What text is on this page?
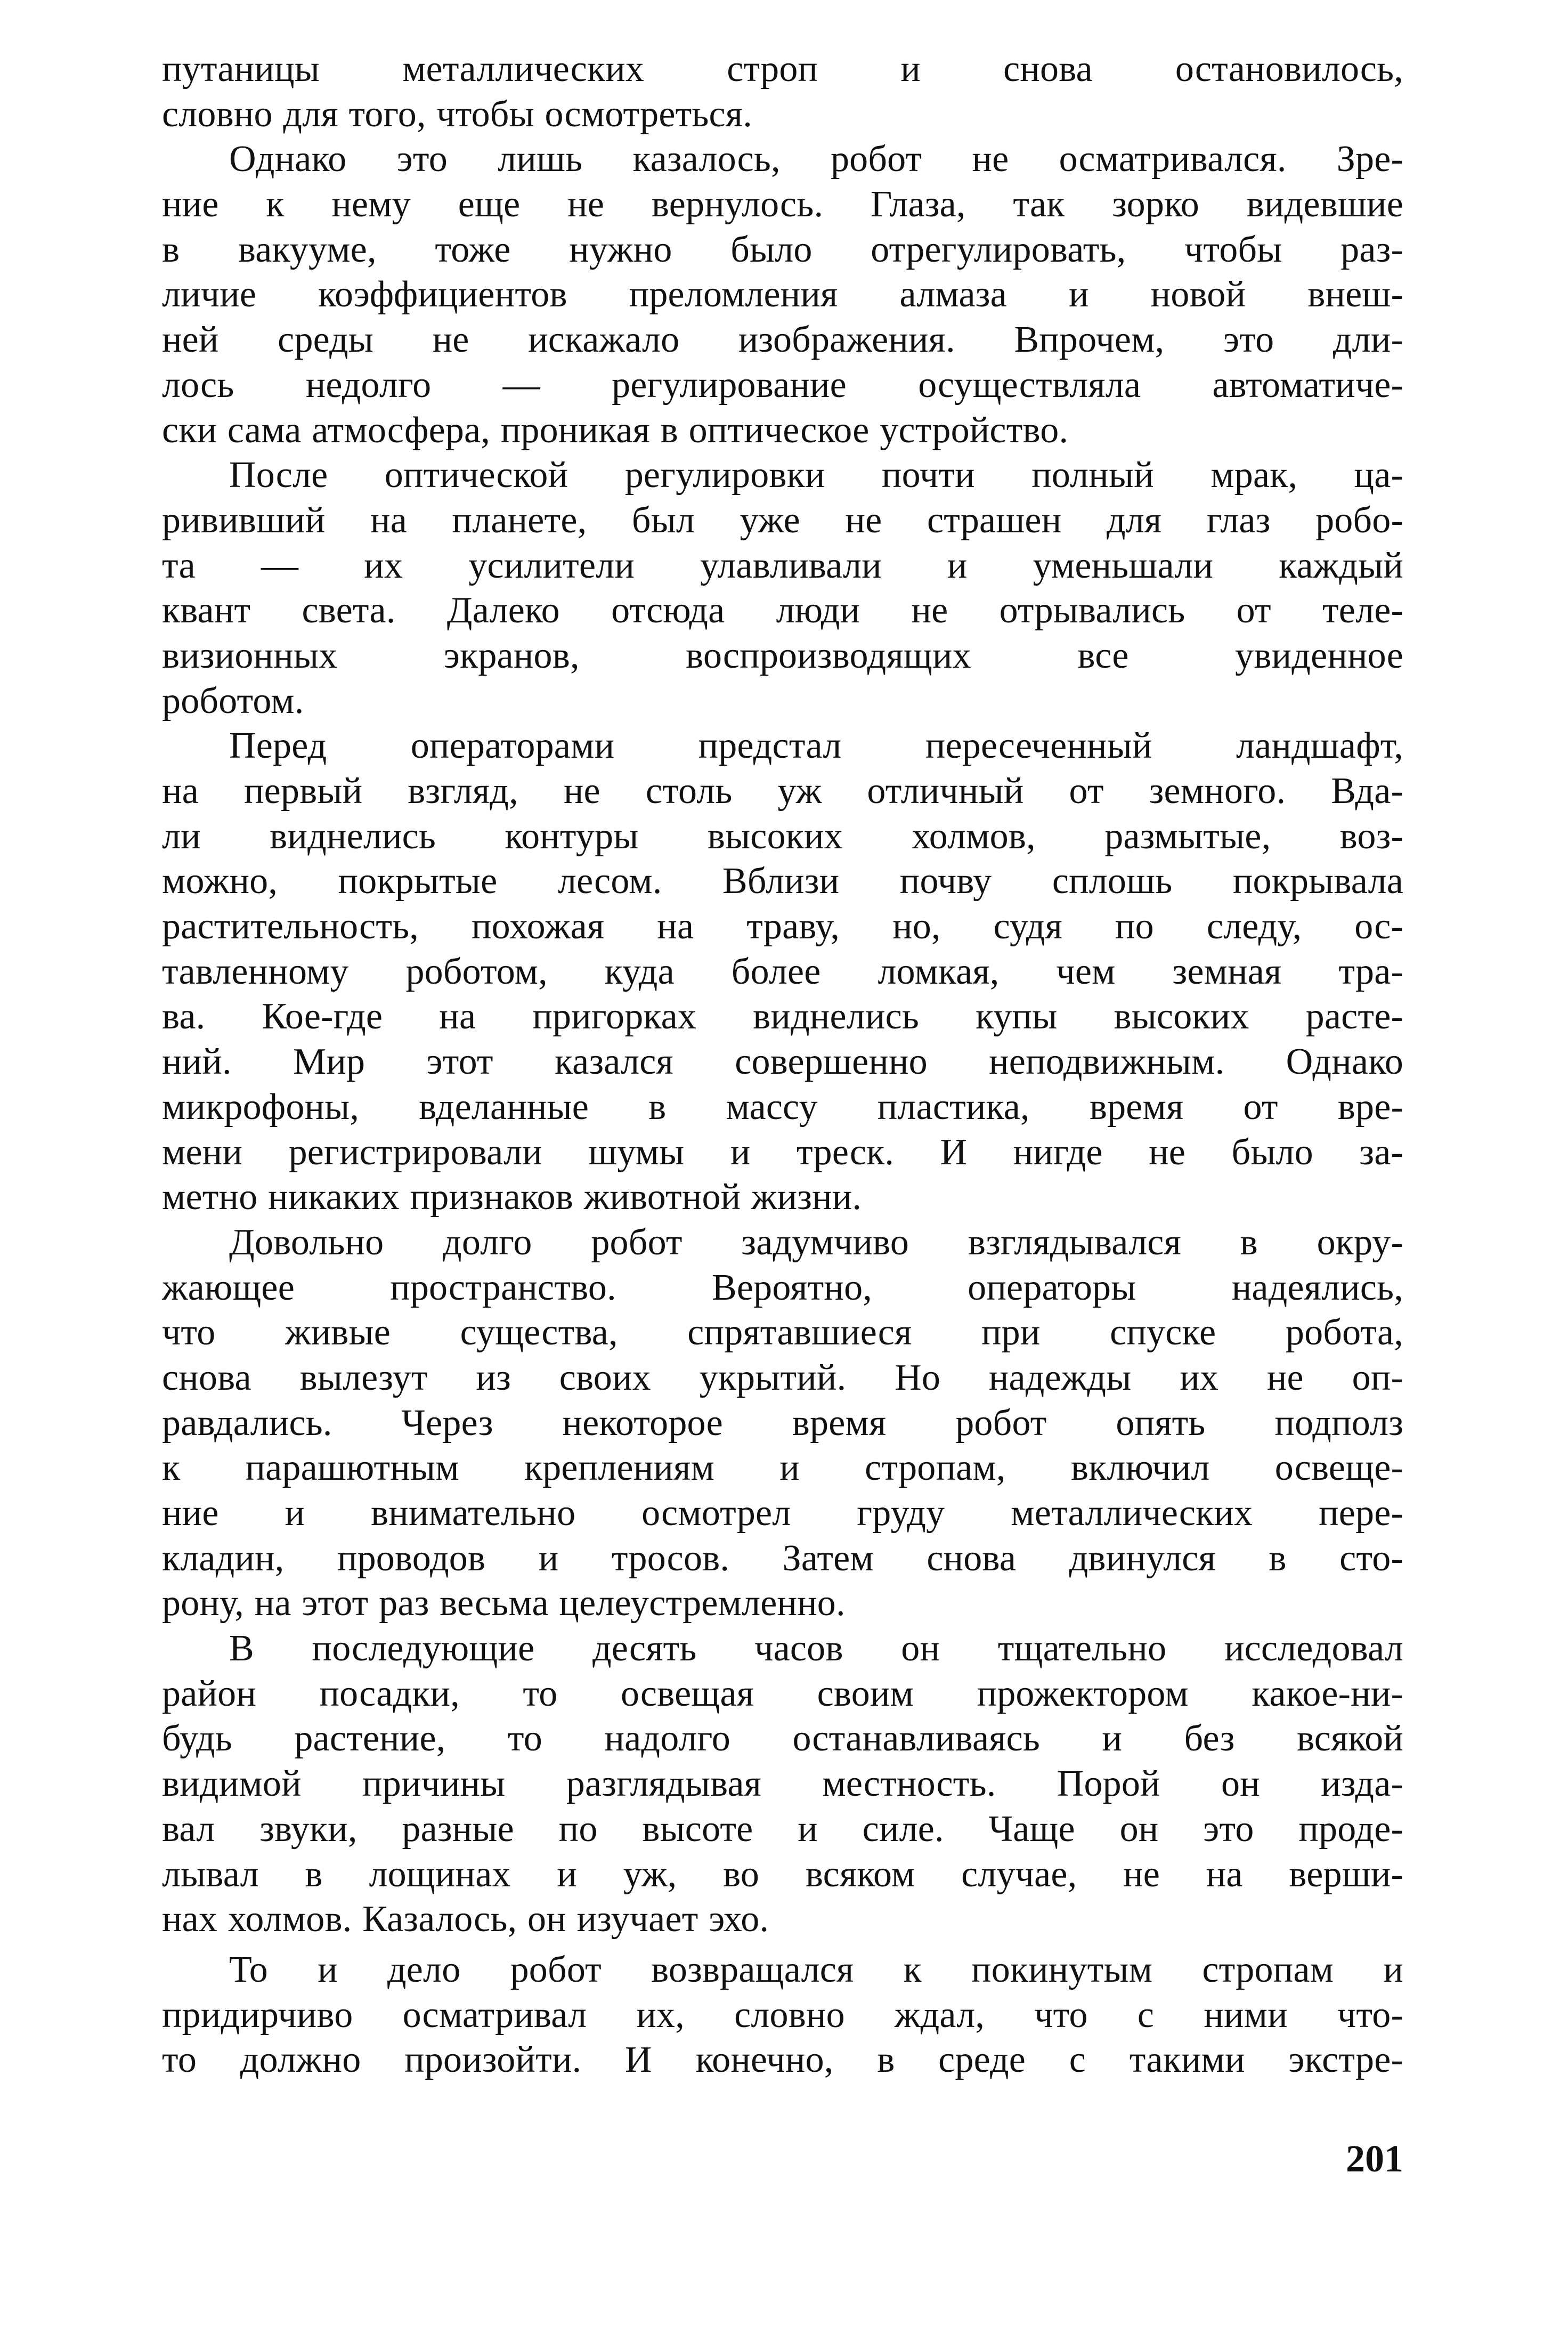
путаницы металлических строп и снова остановилось,
словно для того, чтобы осмотреться.
Однако это лишь казалось, робот не осматривался. Зре-
ние к нему еще не вернулось. Глаза, так зорко видевшие
в вакууме, тоже нужно было отрегулировать, чтобы раз-
личие коэффициентов преломления алмаза и новой внеш-
ней среды не искажало изображения. Впрочем, это дли-
лось недолго — регулирование осуществляла автоматиче-
ски сама атмосфера, проникая в оптическое устройство.
После оптической регулировки почти полный мрак, ца-
рививший на планете, был уже не страшен для глаз робо-
та — их усилители улавливали и уменьшали каждый
квант света. Далеко отсюда люди не отрывались от теле-
визионных экранов, воспроизводящих все увиденное
роботом.
Перед операторами предстал пересеченный ландшафт,
на первый взгляд, не столь уж отличный от земного. Вда-
ли виднелись контуры высоких холмов, размытые, воз-
можно, покрытые лесом. Вблизи почву сплошь покрывала
растительность, похожая на траву, но, судя по следу, ос-
тавленному роботом, куда более ломкая, чем земная тра-
ва. Кое-где на пригорках виднелись купы высоких расте-
ний. Мир этот казался совершенно неподвижным. Однако
микрофоны, вделанные в массу пластика, время от вре-
мени регистрировали шумы и треск. И нигде не было за-
метно никаких признаков животной жизни.
Довольно долго робот задумчиво взглядывался в окру-
жающее пространство. Вероятно, операторы надеялись,
что живые существа, спрятавшиеся при спуске робота,
снова вылезут из своих укрытий. Но надежды их не оп-
равдались. Через некоторое время робот опять подполз
к парашютным креплениям и стропам, включил освеще-
ние и внимательно осмотрел груду металлических пере-
кладин, проводов и тросов. Затем снова двинулся в сто-
рону, на этот раз весьма целеустремленно.
В последующие десять часов он тщательно исследовал
район посадки, то освещая своим прожектором какое-ни-
будь растение, то надолго останавливаясь и без всякой
видимой причины разглядывая местность. Порой он изда-
вал звуки, разные по высоте и силе. Чаще он это проде-
лывал в лощинах и уж, во всяком случае, не на верши-
нах холмов. Казалось, он изучает эхо.
То и дело робот возвращался к покинутым стропам и
придирчиво осматривал их, словно ждал, что с ними что-
то должно произойти. И конечно, в среде с такими экстре-
201
